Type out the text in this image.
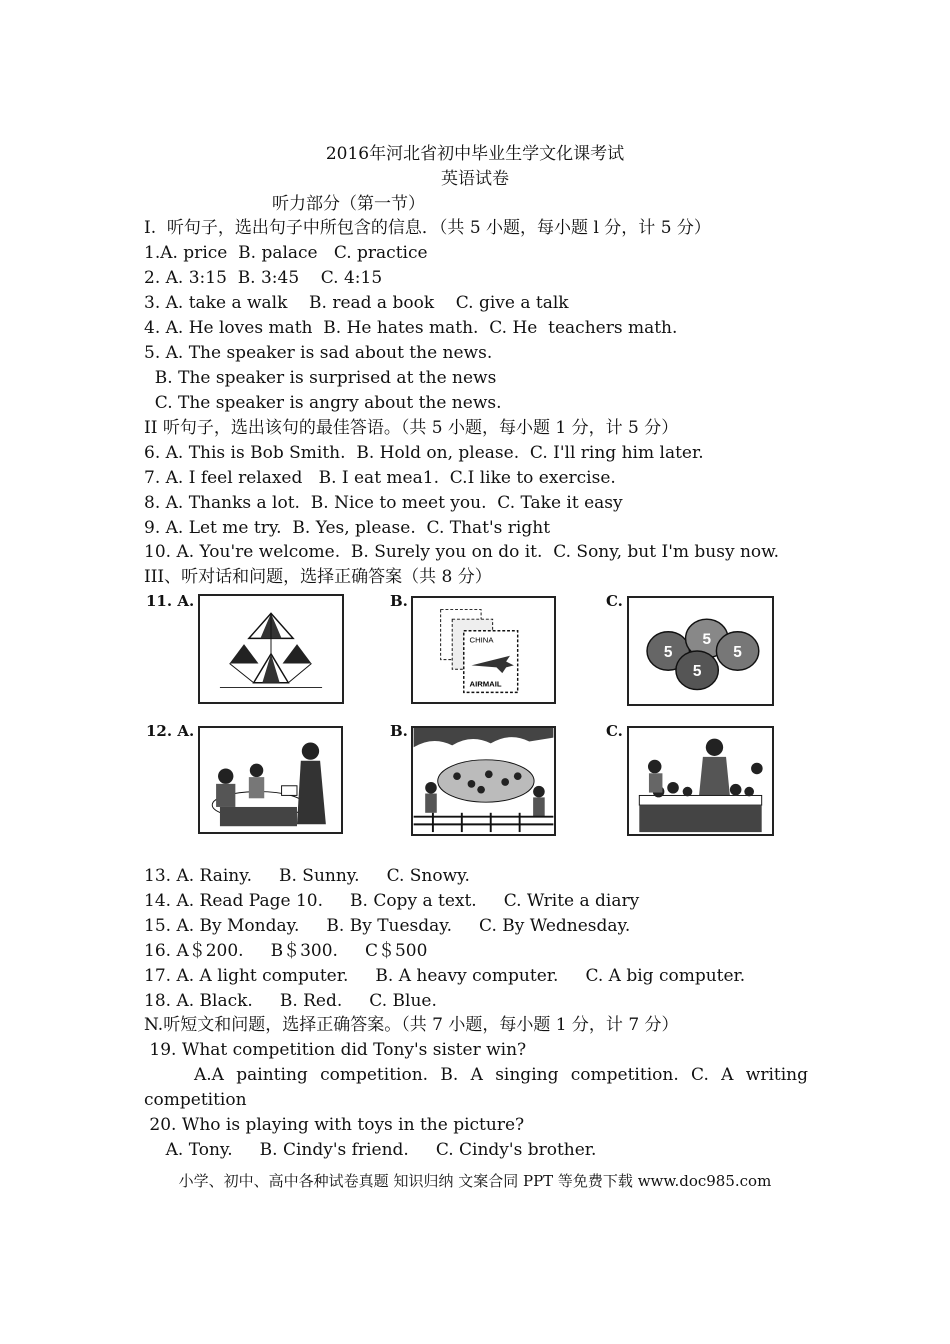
2016年河北省初中毕业生学文化课考试
英语试卷
听力部分（第一节）
I.  听句子，选出句子中所包含的信息．（共 5 小题，每小题 l 分，计 5 分）
1.A. price  B. palace   C. practice
2. A. 3:15  B. 3:45    C. 4:15
3. A. take a walk    B. read a book    C. give a talk
4. A. He loves math  B. He hates math.  C. He  teachers math.
5. A. The speaker is sad about the news.
B. The speaker is surprised at the news
C. The speaker is angry about the news.
II 听句子，选出该句的最佳答语。（共 5 小题，每小题 1 分，计 5 分）
6. A. This is Bob Smith.  B. Hold on, please.  C. I'll ring him later.
7. A. I feel relaxed   B. I eat mea1.  C.I like to exercise.
8. A. Thanks a lot.  B. Nice to meet you.  C. Take it easy
9. A. Let me try.  B. Yes, please.  C. That's right
10. A. You're welcome.  B. Surely you on do it.  C. Sony, but I'm busy now.
III、听对话和问题，选择正确答案（共 8 分）
11. A.	B.
CHINA
AIRMAIL
C.
5
5
5
5
12. A.	B.	C.
13. A. Rainy.     B. Sunny.     C. Snowy.
14. A. Read Page 10.     B. Copy a text.     C. Write a diary
15. A. By Monday.     B. By Tuesday.     C. By Wednesday.
16. A＄200.     B＄300.     C＄500
17. A. A light computer.     B. A heavy computer.     C. A big computer.
18. A. Black.     B. Red.     C. Blue.
N.听短文和问题，选择正确答案。（共 7 小题，每小题 1 分，计 7 分）
19. What competition did Tony's sister win?
A.A painting competition. B. A singing competition. C. A writing
competition
20. Who is playing with toys in the picture?
A. Tony.     B. Cindy's friend.     C. Cindy's brother.
小学、初中、高中各种试卷真题 知识归纳 文案合同 PPT 等免费下载 www.doc985.com
